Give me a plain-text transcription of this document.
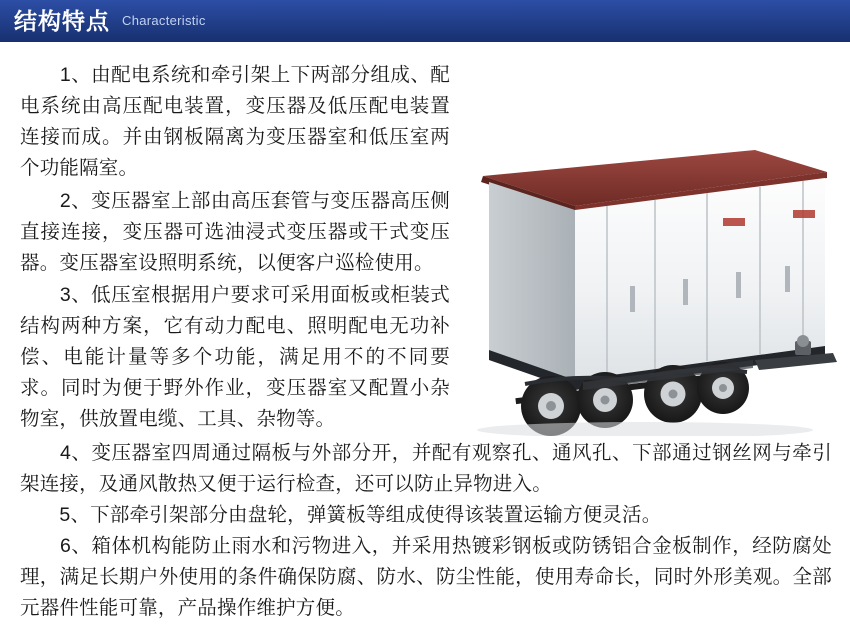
结构特点 Characteristic

　　1、由配电系统和牵引架上下两部分组成、配电系统由高压配电装置，变压器及低压配电装置连接而成。并由钢板隔离为变压器室和低压室两个功能隔室。

　　2、变压器室上部由高压套管与变压器高压侧直接连接，变压器可选油浸式变压器或干式变压器。变压器室设照明系统，以便客户巡检使用。

　　3、低压室根据用户要求可采用面板或柜装式结构两种方案，它有动力配电、照明配电无功补偿、电能计量等多个功能，满足用不的不同要求。同时为便于野外作业，变压器室又配置小杂物室，供放置电缆、工具、杂物等。

　　4、变压器室四周通过隔板与外部分开，并配有观察孔、通风孔、下部通过钢丝网与牵引架连接，及通风散热又便于运行检查，还可以防止异物进入。

　　5、下部牵引架部分由盘轮，弹簧板等组成使得该装置运输方便灵活。

　　6、箱体机构能防止雨水和污物进入，并采用热镀彩钢板或防锈铝合金板制作，经防腐处理，满足长期户外使用的条件确保防腐、防水、防尘性能，使用寿命长，同时外形美观。全部元器件性能可靠，产品操作维护方便。
